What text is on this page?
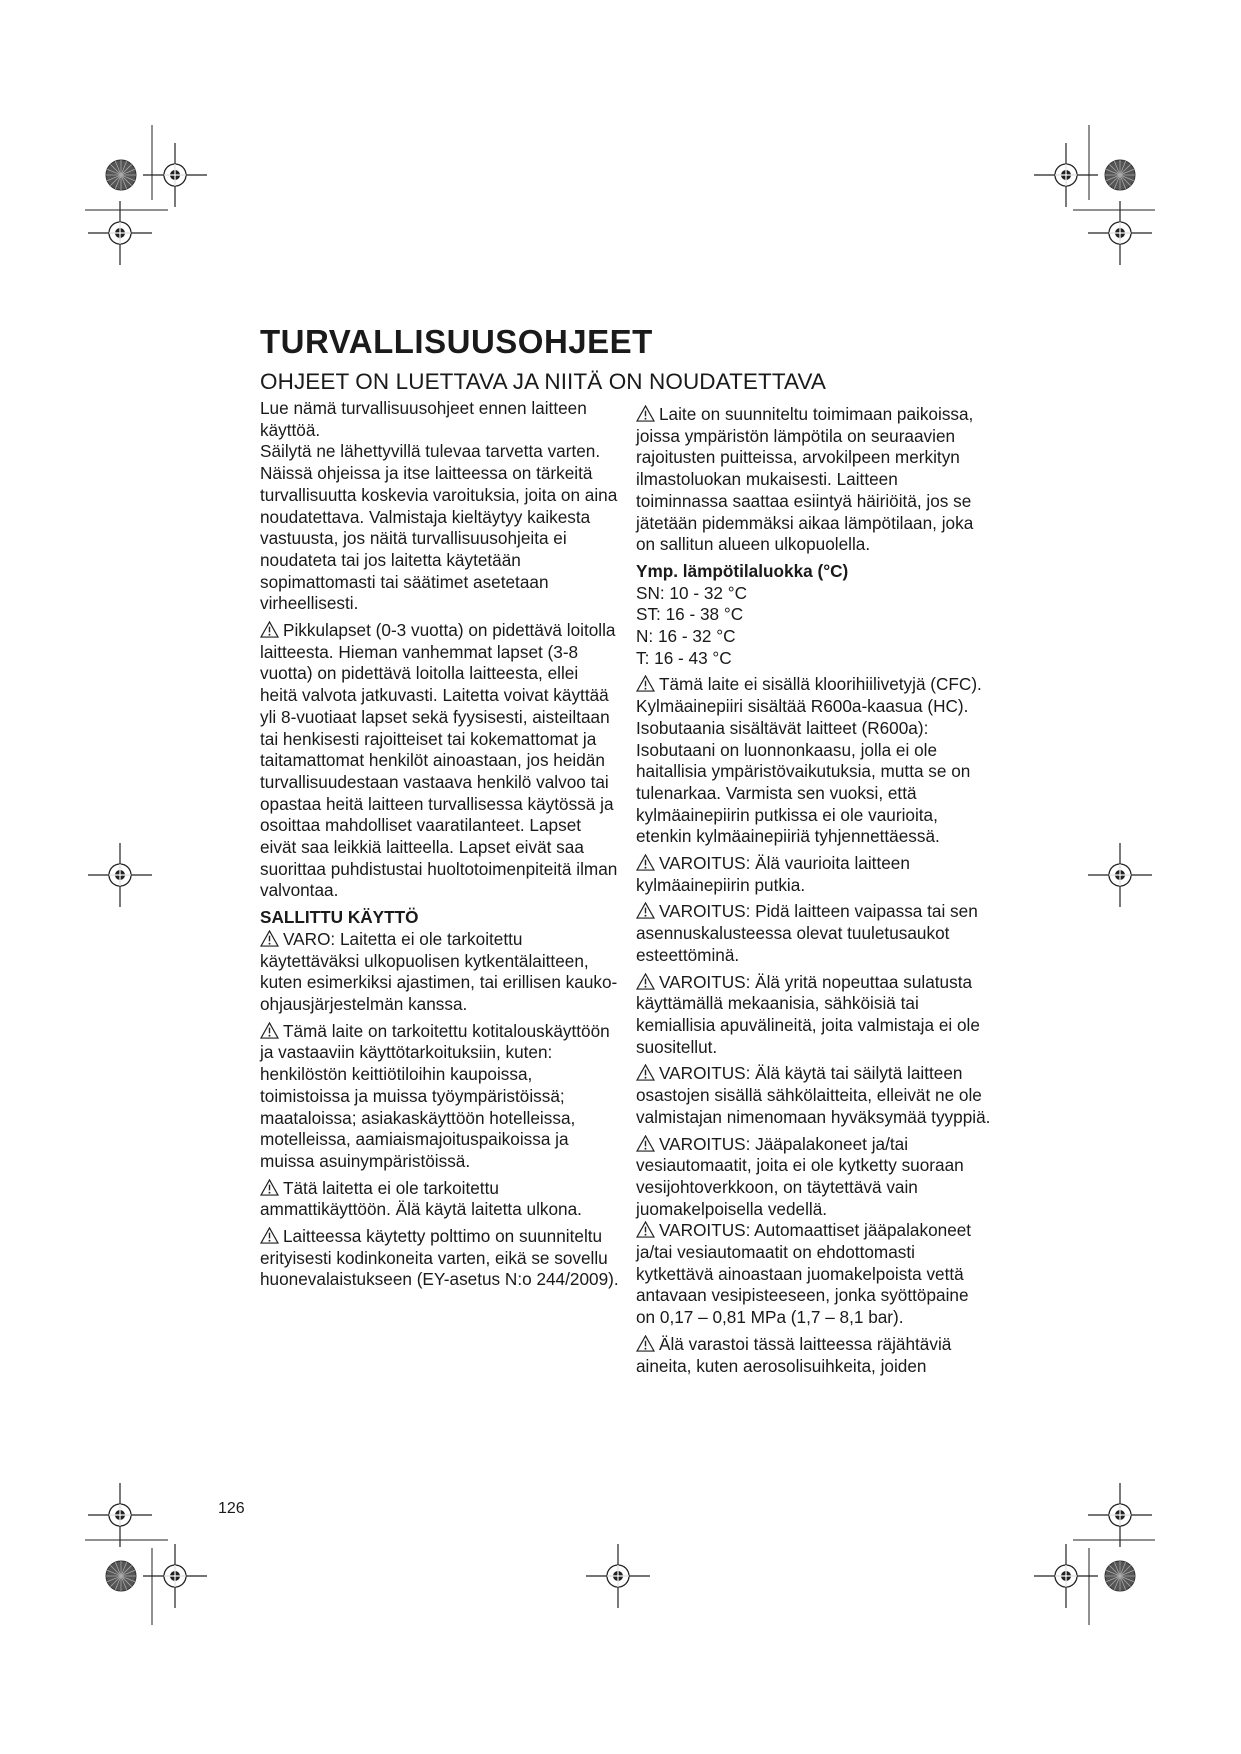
TURVALLISUUSOHJEET
OHJEET ON LUETTAVA JA NIITÄ ON NOUDATETTAVA

Lue nämä turvallisuusohjeet ennen laitteen käyttöä.

Säilytä ne lähettyvillä tulevaa tarvetta varten.

Näissä ohjeissa ja itse laitteessa on tärkeitä turvallisuutta koskevia varoituksia, joita on aina noudatettava. Valmistaja kieltäytyy kaikesta vastuusta, jos näitä turvallisuusohjeita ei noudateta tai jos laitetta käytetään sopimattomasti tai säätimet asetetaan virheellisesti.

Pikkulapset (0-3 vuotta) on pidettävä loitolla laitteesta. Hieman vanhemmat lapset (3-8 vuotta) on pidettävä loitolla laitteesta, ellei heitä valvota jatkuvasti. Laitetta voivat käyttää yli 8-vuotiaat lapset sekä fyysisesti, aisteiltaan tai henkisesti rajoitteiset tai kokemattomat ja taitamattomat henkilöt ainoastaan, jos heidän turvallisuudestaan vastaava henkilö valvoo tai opastaa heitä laitteen turvallisessa käytössä ja osoittaa mahdolliset vaaratilanteet. Lapset eivät saa leikkiä laitteella. Lapset eivät saa suorittaa puhdistustai huoltotoimenpiteitä ilman valvontaa.

SALLITTU KÄYTTÖ

VARO: Laitetta ei ole tarkoitettu käytettäväksi ulkopuolisen kytkentälaitteen, kuten esimerkiksi ajastimen, tai erillisen kauko-ohjausjärjestelmän kanssa.

Tämä laite on tarkoitettu kotitalouskäyttöön ja vastaaviin käyttötarkoituksiin, kuten: henkilöstön keittiötiloihin kaupoissa, toimistoissa ja muissa työympäristöissä; maataloissa; asiakaskäyttöön hotelleissa, motelleissa, aamiaismajoituspaikoissa ja muissa asuinympäristöissä.

Tätä laitetta ei ole tarkoitettu ammattikäyttöön. Älä käytä laitetta ulkona.

Laitteessa käytetty polttimo on suunniteltu erityisesti kodinkoneita varten, eikä se sovellu huonevalaistukseen (EY-asetus N:o 244/2009).

Laite on suunniteltu toimimaan paikoissa, joissa ympäristön lämpötila on seuraavien rajoitusten puitteissa, arvokilpeen merkityn ilmastoluokan mukaisesti. Laitteen toiminnassa saattaa esiintyä häiriöitä, jos se jätetään pidemmäksi aikaa lämpötilaan, joka on sallitun alueen ulkopuolella.

Ymp. lämpötilaluokka (°C)
SN: 10 - 32 °C
ST: 16 - 38 °C
N: 16 - 32 °C
T: 16 - 43 °C

Tämä laite ei sisällä kloorihiilivetyjä (CFC). Kylmäainepiiri sisältää R600a-kaasua (HC). Isobutaania sisältävät laitteet (R600a): Isobutaani on luonnonkaasu, jolla ei ole haitallisia ympäristövaikutuksia, mutta se on tulenarkaa. Varmista sen vuoksi, että kylmäainepiirin putkissa ei ole vaurioita, etenkin kylmäainepiiriä tyhjennettäessä.

VAROITUS: Älä vaurioita laitteen kylmäainepiirin putkia.

VAROITUS: Pidä laitteen vaipassa tai sen asennuskalusteessa olevat tuuletusaukot esteettöminä.

VAROITUS: Älä yritä nopeuttaa sulatusta käyttämällä mekaanisia, sähköisiä tai kemiallisia apuvälineitä, joita valmistaja ei ole suositellut.

VAROITUS: Älä käytä tai säilytä laitteen osastojen sisällä sähkölaitteita, elleivät ne ole valmistajan nimenomaan hyväksymää tyyppiä.

VAROITUS: Jääpalakoneet ja/tai vesiautomaatit, joita ei ole kytketty suoraan vesijohtoverkkoon, on täytettävä vain juomakelpoisella vedellä.

VAROITUS: Automaattiset jääpalakoneet ja/tai vesiautomaatit on ehdottomasti kytkettävä ainoastaan juomakelpoista vettä antavaan vesipisteeseen, jonka syöttöpaine on 0,17 – 0,81 MPa (1,7 – 8,1 bar).

Älä varastoi tässä laitteessa räjähtäviä aineita, kuten aerosolisuihkeita, joiden

126
